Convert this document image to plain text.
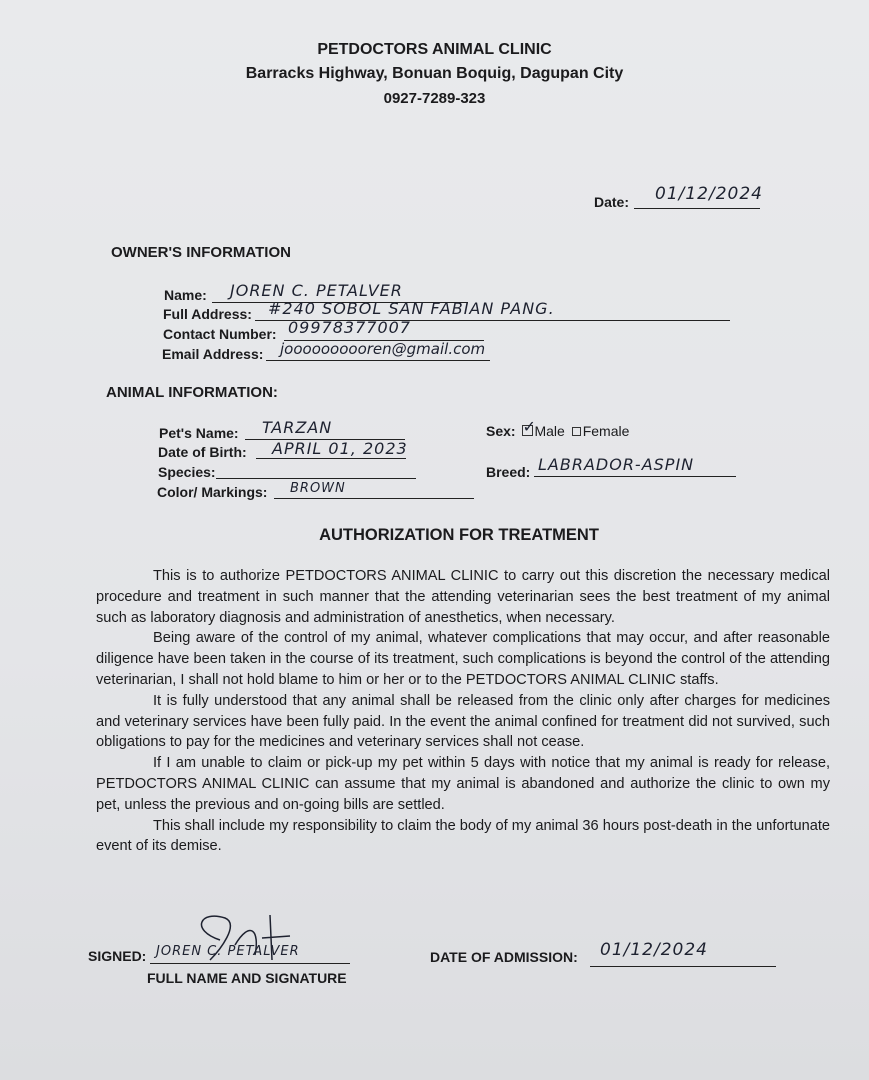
PETDOCTORS ANIMAL CLINIC
Barracks Highway, Bonuan Boquig, Dagupan City
0927-7289-323
Date: 01/12/2024
OWNER'S INFORMATION
Name: JOREN C. PETALVER
Full Address: #240 SOBOL SAN FABIAN PANG.
Contact Number: 09978377007
Email Address: joooooooooren@gmail.com
ANIMAL INFORMATION:
Pet's Name: TARZAN
Date of Birth: APRIL 01, 2023
Species:
Color/ Markings: BROWN
Sex: ✓
Male Female
Breed: LABRADOR-ASPIN
AUTHORIZATION FOR TREATMENT

This is to authorize PETDOCTORS ANIMAL CLINIC to carry out this discretion the necessary medical procedure and treatment in such manner that the attending veterinarian sees the best treatment of my animal such as laboratory diagnosis and administration of anesthetics, when necessary.

Being aware of the control of my animal, whatever complications that may occur, and after reasonable diligence have been taken in the course of its treatment, such complications is beyond the control of the attending veterinarian, I shall not hold blame to him or her or to the PETDOCTORS ANIMAL CLINIC staffs.

It is fully understood that any animal shall be released from the clinic only after charges for medicines and veterinary services have been fully paid. In the event the animal confined for treatment did not survived, such obligations to pay for the medicines and veterinary services shall not cease.

If I am unable to claim or pick-up my pet within 5 days with notice that my animal is ready for release, PETDOCTORS ANIMAL CLINIC can assume that my animal is abandoned and authorize the clinic to own my pet, unless the previous and on-going bills are settled.

This shall include my responsibility to claim the body of my animal 36 hours post-death in the unfortunate event of its demise.

SIGNED: JOREN C. PETALVER
FULL NAME AND SIGNATURE
DATE OF ADMISSION: 01/12/2024
